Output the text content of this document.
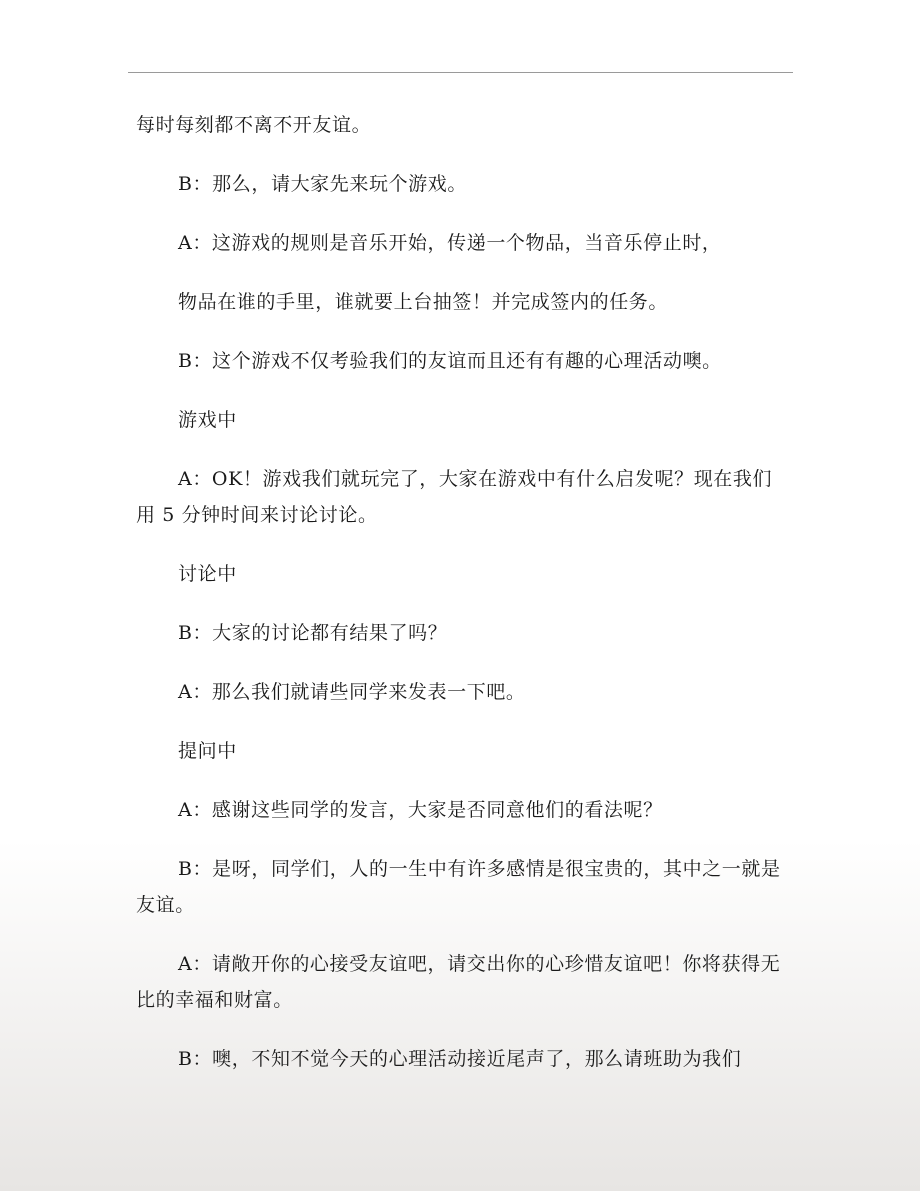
每时每刻都不离不开友谊。

B：那么，请大家先来玩个游戏。

A：这游戏的规则是音乐开始，传递一个物品，当音乐停止时，

物品在谁的手里，谁就要上台抽签！并完成签内的任务。

B：这个游戏不仅考验我们的友谊而且还有有趣的心理活动噢。

游戏中

A：OK！游戏我们就玩完了，大家在游戏中有什么启发呢？现在我们用 5 分钟时间来讨论讨论。

讨论中

B：大家的讨论都有结果了吗？

A：那么我们就请些同学来发表一下吧。

提问中

A：感谢这些同学的发言，大家是否同意他们的看法呢？

B：是呀，同学们，人的一生中有许多感情是很宝贵的，其中之一就是友谊。

A：请敞开你的心接受友谊吧，请交出你的心珍惜友谊吧！你将获得无比的幸福和财富。

B：噢，不知不觉今天的心理活动接近尾声了，那么请班助为我们
